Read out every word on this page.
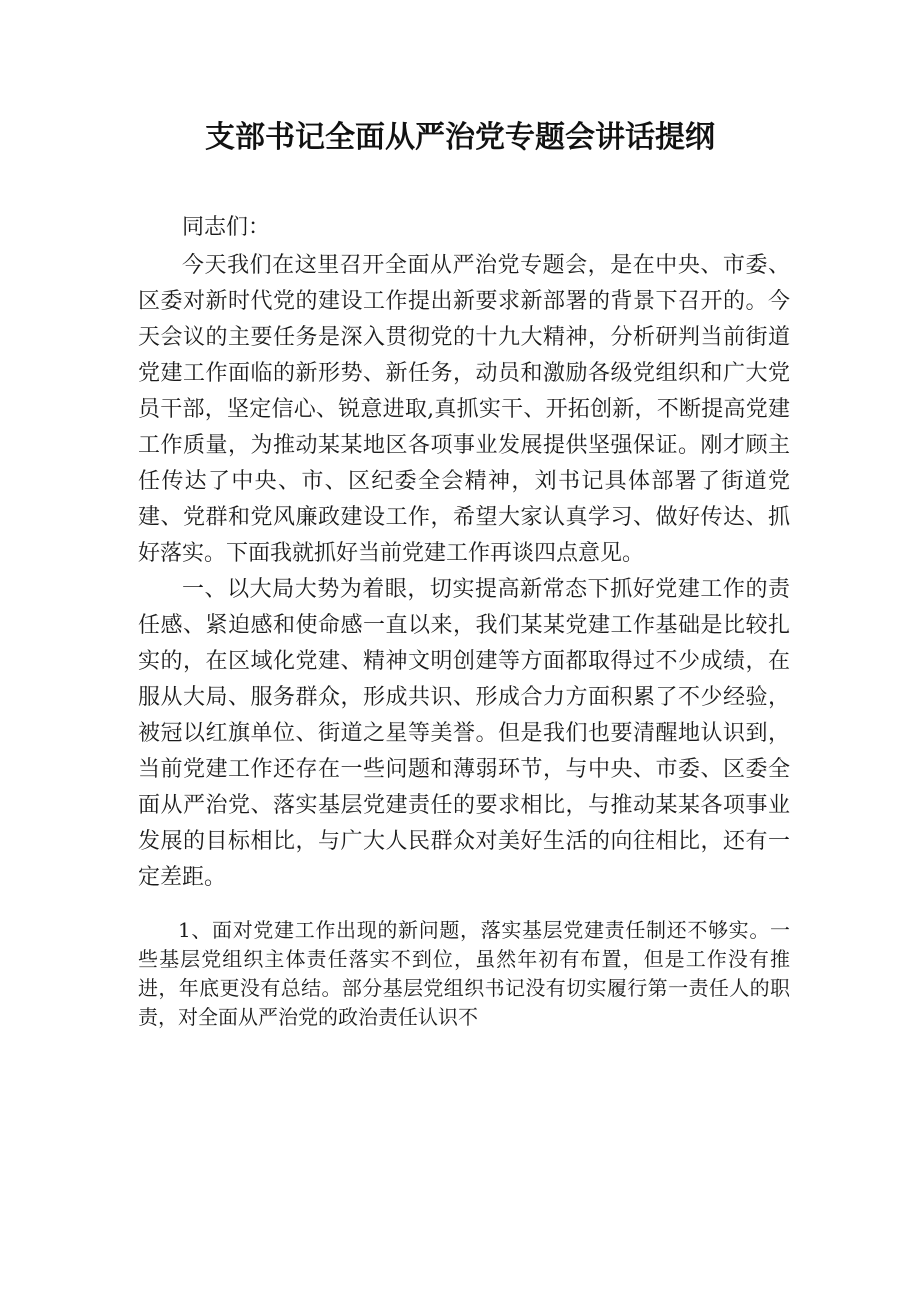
支部书记全面从严治党专题会讲话提纲

同志们：

今天我们在这里召开全面从严治党专题会，是在中央、市委、区委对新时代党的建设工作提出新要求新部署的背景下召开的。今天会议的主要任务是深入贯彻党的十九大精神，分析研判当前街道党建工作面临的新形势、新任务，动员和激励各级党组织和广大党员干部，坚定信心、锐意进取,真抓实干、开拓创新，不断提高党建工作质量，为推动某某地区各项事业发展提供坚强保证。刚才顾主任传达了中央、市、区纪委全会精神，刘书记具体部署了街道党建、党群和党风廉政建设工作，希望大家认真学习、做好传达、抓好落实。下面我就抓好当前党建工作再谈四点意见。

一、以大局大势为着眼，切实提高新常态下抓好党建工作的责任感、紧迫感和使命感一直以来，我们某某党建工作基础是比较扎实的，在区域化党建、精神文明创建等方面都取得过不少成绩，在服从大局、服务群众，形成共识、形成合力方面积累了不少经验，被冠以红旗单位、街道之星等美誉。但是我们也要清醒地认识到，当前党建工作还存在一些问题和薄弱环节，与中央、市委、区委全面从严治党、落实基层党建责任的要求相比，与推动某某各项事业发展的目标相比，与广大人民群众对美好生活的向往相比，还有一定差距。

1、面对党建工作出现的新问题，落实基层党建责任制还不够实。一些基层党组织主体责任落实不到位，虽然年初有布置，但是工作没有推进，年底更没有总结。部分基层党组织书记没有切实履行第一责任人的职责，对全面从严治党的政治责任认识不
